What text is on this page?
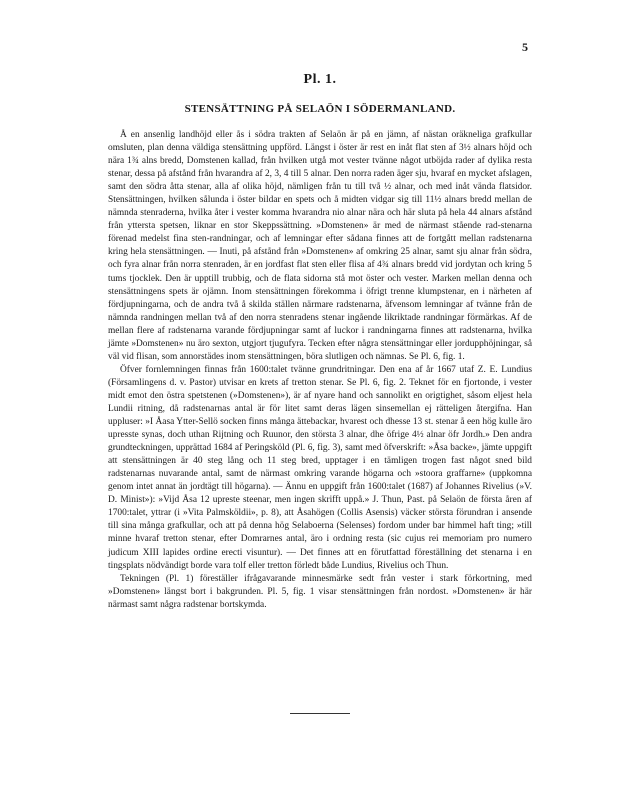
5
Pl. 1.
STENSÄTTNING PÅ SELAÖN I SÖDERMANLAND.

Å en ansenlig landhöjd eller ås i södra trakten af Selaön är på en jämn, af nästan oräkneliga grafkullar omsluten, plan denna väldiga stensättning uppförd. Längst i öster är rest en inåt flat sten af 3½ alnars höjd och nära 1¾ alns bredd, Domstenen kallad, från hvilken utgå mot vester tvänne något utböjda rader af dylika resta stenar, dessa på afstånd från hvarandra af 2, 3, 4 till 5 alnar. Den norra raden äger sju, hvaraf en mycket afslagen, samt den södra åtta stenar, alla af olika höjd, nämligen från tu till två ½ alnar, och med inåt vända flatsidor. Stensättningen, hvilken sålunda i öster bildar en spets och å midten vidgar sig till 11½ alnars bredd mellan de nämnda stenraderna, hvilka åter i vester komma hvarandra nio alnar nära och här sluta på hela 44 alnars afstånd från yttersta spetsen, liknar en stor Skeppssättning. »Domstenen» är med de närmast stående rad-stenarna förenad medelst fina sten-randningar, och af lemningar efter sådana finnes att de fortgått mellan radstenarna kring hela stensättningen. — Inuti, på afstånd från »Domstenen» af omkring 25 alnar, samt sju alnar från södra, och fyra alnar från norra stenraden, är en jordfast flat sten eller flisa af 4¾ alnars bredd vid jordytan och kring 5 tums tjocklek. Den är upptill trubbig, och de flata sidorna stå mot öster och vester. Marken mellan denna och stensättningens spets är ojämn. Inom stensättningen förekomma i öfrigt trenne klumpstenar, en i närheten af fördjupningarna, och de andra två å skilda ställen närmare radstenarna, äfvensom lemningar af tvänne från de nämnda randningen mellan två af den norra stenradens stenar ingående likriktade randningar förmärkas. Af de mellan flere af radstenarna varande fördjupningar samt af luckor i randningarna finnes att radstenarna, hvilka jämte »Domstenen» nu äro sexton, utgjort tjugufyra. Tecken efter några stensättningar eller jordupphöjningar, så väl vid flisan, som annorstädes inom stensättningen, böra slutligen och nämnas. Se Pl. 6, fig. 1.

Öfver fornlemningen finnas från 1600:talet tvänne grundritningar. Den ena af år 1667 utaf Z. E. Lundius (Församlingens d. v. Pastor) utvisar en krets af tretton stenar. Se Pl. 6, fig. 2. Teknet för en fjortonde, i vester midt emot den östra spetstenen (»Domstenen»), är af nyare hand och sannolikt en origtighet, såsom eljest hela Lundii ritning, då radstenarnas antal är för litet samt deras lägen sinsemellan ej rätteligen återgifna. Han uppluser: »I Åasa Ytter-Sellö socken finns många ättebackar, hvarest och dhesse 13 st. stenar å een hög kulle äro upresste synas, doch uthan Rijtning och Ruunor, den största 3 alnar, dhe öfrige 4½ alnar öfr Jordh.» Den andra grundteckningen, upprättad 1684 af Peringsköld (Pl. 6, fig. 3), samt med öfverskrift: »Åsa backe», jämte uppgift att stensättningen är 40 steg lång och 11 steg bred, upptager i en tämligen trogen fast något sned bild radstenarnas nuvarande antal, samt de närmast omkring varande högarna och »stoora graffarne» (uppkomna genom intet annat än jordtägt till högarna). — Ännu en uppgift från 1600:talet (1687) af Johannes Rivelius (»V. D. Minist»): »Vijd Åsa 12 upreste steenar, men ingen skrifft uppå.» J. Thun, Past. på Selaön de första åren af 1700:talet, yttrar (i »Vita Palmsköldii», p. 8), att Åsahögen (Collis Asensis) väcker största förundran i ansende till sina många grafkullar, och att på denna hög Selaboerna (Selenses) fordom under bar himmel haft ting; »till minne hvaraf tretton stenar, efter Domrarnes antal, äro i ordning resta (sic cujus rei memoriam pro numero judicum XIII lapides ordine erecti visuntur). — Det finnes att en förutfattad föreställning det stenarna i en tingsplats nödvändigt borde vara tolf eller tretton förledt både Lundius, Rivelius och Thun.

Tekningen (Pl. 1) föreställer ifrågavarande minnesmärke sedt från vester i stark förkortning, med »Domstenen» längst bort i bakgrunden. Pl. 5, fig. 1 visar stensättningen från nordost. »Domstenen» är här närmast samt några radstenar bortskymda.
